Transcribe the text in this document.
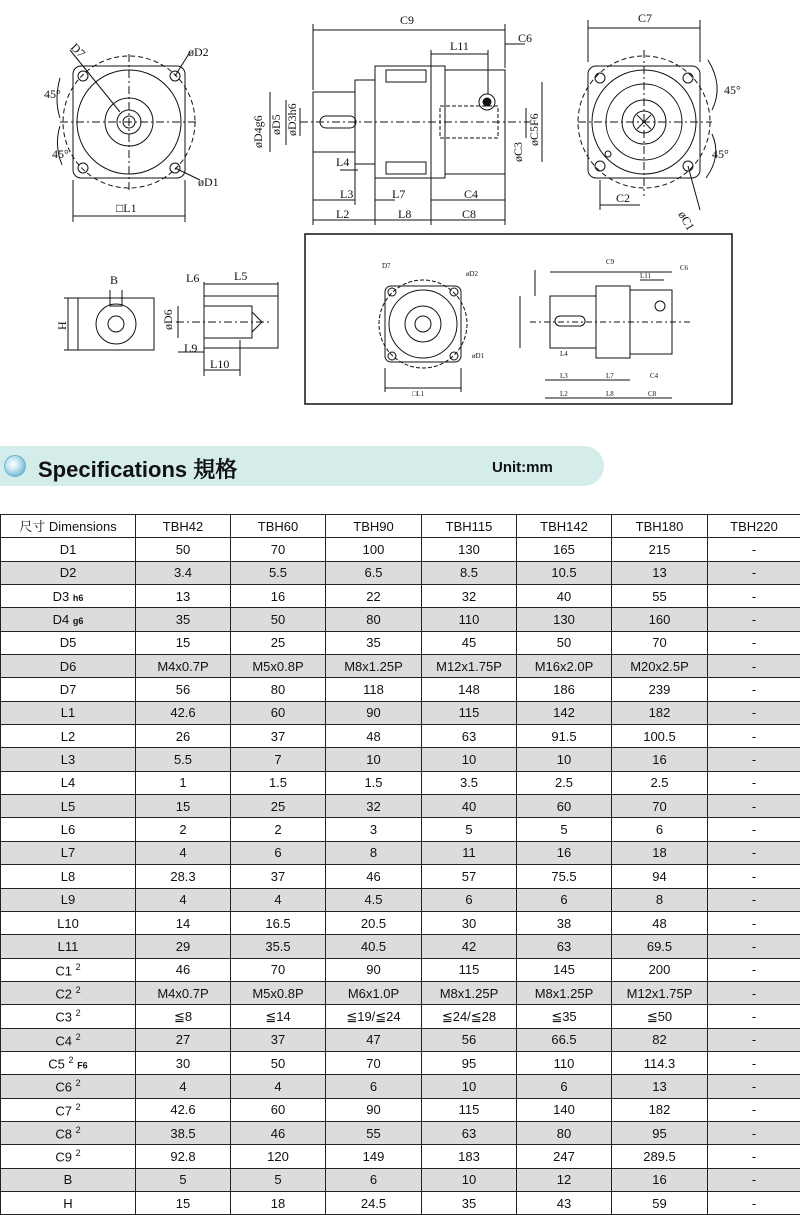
D7	øD2
øD1
□L1
45°
45°
C9
C6
L11
øD4g6 øD5 øD3h6
øC3
øC5F6
L4
L3	L7	C4
L2	L8	C8
C7
C2
øC1
45°
45°
B
H
L6	L5
øD6
L9
L10
D7
øD2
øD1
□L1
C9
C6
L11
L3	L7	C4
L2	L8	C8
L4
Specifications 規格	Unit:mm
尺寸 Dimensions	TBH42	TBH60	TBH90	TBH115	TBH142	TBH180	TBH220
D1	50	70	100	130	165	215	-
D2	3.4	5.5	6.5	8.5	10.5	13	-
D3 h6	13	16	22	32	40	55	-
D4 g6	35	50	80	110	130	160	-
D5	15	25	35	45	50	70	-
D6	M4x0.7P	M5x0.8P	M8x1.25P	M12x1.75P	M16x2.0P	M20x2.5P	-
D7	56	80	118	148	186	239	-
L1	42.6	60	90	115	142	182	-
L2	26	37	48	63	91.5	100.5	-
L3	5.5	7	10	10	10	16	-
L4	1	1.5	1.5	3.5	2.5	2.5	-
L5	15	25	32	40	60	70	-
L6	2	2	3	5	5	6	-
L7	4	6	8	11	16	18	-
L8	28.3	37	46	57	75.5	94	-
L9	4	4	4.5	6	6	8	-
L10	14	16.5	20.5	30	38	48	-
L11	29	35.5	40.5	42	63	69.5	-
C1 $^2$	46	70	90	115	145	200	-
C2 $^2$	M4x0.7P	M5x0.8P	M6x1.0P	M8x1.25P	M8x1.25P	M12x1.75P	-
C3 $^2$	≦8	≦14	≦19/≦24	≦24/≦28	≦35	≦50	-
C4 $^2$	27	37	47	56	66.5	82	-
C5 $^2$ F6	30	50	70	95	110	114.3	-
C6 $^2$	4	4	6	10	6	13	-
C7 $^2$	42.6	60	90	115	140	182	-
C8 $^2$	38.5	46	55	63	80	95	-
C9 $^2$	92.8	120	149	183	247	289.5	-
B	5	5	6	10	12	16	-
H	15	18	24.5	35	43	59	-
